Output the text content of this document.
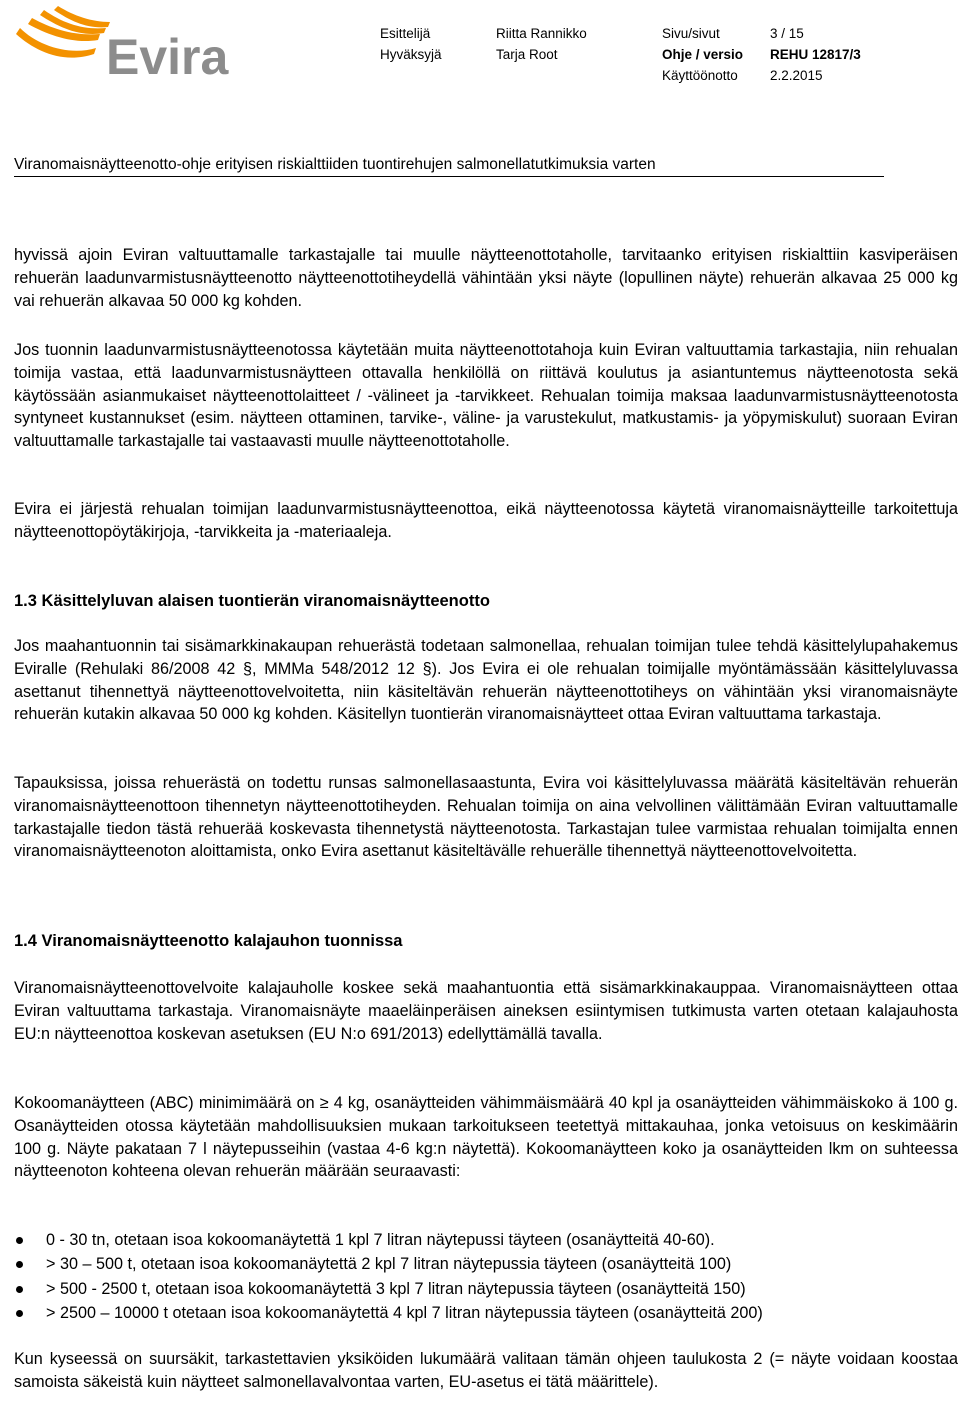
Evira	Esittelijä	Riitta Rannikko	Sivu/sivut	3 / 15
Hyväksyjä	Tarja Root	Ohje / versio REHU 12817/3
Käyttöönotto 2.2.2015
Viranomaisnäytteenotto-ohje erityisen riskialttiiden tuontirehujen salmonellatutkimuksia varten
hyvissä ajoin Eviran valtuuttamalle tarkastajalle tai muulle näytteenottotaholle, tarvitaanko erityisen riskialttiin kasviperäisen rehuerän laadunvarmistusnäytteenotto näytteenottotiheydellä vähintään yksi näyte (lopullinen näyte) rehuerän alkavaa 25 000 kg vai rehuerän alkavaa 50 000 kg kohden.
Jos tuonnin laadunvarmistusnäytteenotossa käytetään muita näytteenottotahoja kuin Eviran valtuuttamia tarkastajia, niin rehualan toimija vastaa, että laadunvarmistusnäytteen ottavalla henkilöllä on riittävä koulutus ja asiantuntemus näytteenotosta sekä käytössään asianmukaiset näytteenottolaitteet / -välineet ja -tarvikkeet. Rehualan toimija maksaa laadunvarmistusnäytteenotosta syntyneet kustannukset (esim. näytteen ottaminen, tarvike-, väline- ja varustekulut, matkustamis- ja yöpymiskulut) suoraan Eviran valtuuttamalle tarkastajalle tai vastaavasti muulle näytteenottotaholle.
Evira ei järjestä rehualan toimijan laadunvarmistusnäytteenottoa, eikä näytteenotossa käytetä viranomaisnäytteille tarkoitettuja näytteenottopöytäkirjoja, -tarvikkeita ja -materiaaleja.
1.3 Käsittelyluvan alaisen tuontierän viranomaisnäytteenotto
Jos maahantuonnin tai sisämarkkinakaupan rehuerästä todetaan salmonellaa, rehualan toimijan tulee tehdä käsittelylupahakemus Eviralle (Rehulaki 86/2008 42 §, MMMa 548/2012 12 §). Jos Evira ei ole rehualan toimijalle myöntämässään käsittelyluvassa asettanut tihennettyä näytteenottovelvoitetta, niin käsiteltävän rehuerän näytteenottotiheys on vähintään yksi viranomaisnäyte rehuerän kutakin alkavaa 50 000 kg kohden. Käsitellyn tuontierän viranomaisnäytteet ottaa Eviran valtuuttama tarkastaja.
Tapauksissa, joissa rehuerästä on todettu runsas salmonellasaastunta, Evira voi käsittelyluvassa määrätä käsiteltävän rehuerän viranomaisnäytteenottoon tihennetyn näytteenottotiheyden. Rehualan toimija on aina velvollinen välittämään Eviran valtuuttamalle tarkastajalle tiedon tästä rehuerää koskevasta tihennetystä näytteenotosta. Tarkastajan tulee varmistaa rehualan toimijalta ennen viranomaisnäytteenoton aloittamista, onko Evira asettanut käsiteltävälle rehuerälle tihennettyä näytteenottovelvoitetta.
1.4 Viranomaisnäytteenotto kalajauhon tuonnissa
Viranomaisnäytteenottovelvoite kalajauholle koskee sekä maahantuontia että sisämarkkinakauppaa. Viranomaisnäytteen ottaa Eviran valtuuttama tarkastaja. Viranomaisnäyte maaeläinperäisen aineksen esiintymisen tutkimusta varten otetaan kalajauhosta EU:n näytteenottoa koskevan asetuksen (EU N:o 691/2013) edellyttämällä tavalla.
Kokoomanäytteen (ABC) minimimäärä on ≥ 4 kg, osanäytteiden vähimmäismäärä 40 kpl ja osanäytteiden vähimmäiskoko ä 100 g. Osanäytteiden otossa käytetään mahdollisuuksien mukaan tarkoitukseen teetettyä mittakauhaa, jonka vetoisuus on keskimäärin 100 g. Näyte pakataan 7 l näytepusseihin (vastaa 4-6 kg:n näytettä). Kokoomanäytteen koko ja osanäytteiden lkm on suhteessa näytteenoton kohteena olevan rehuerän määrään seuraavasti:
0 - 30 tn, otetaan isoa kokoomanäytettä 1 kpl 7 litran näytepussi täyteen (osanäytteitä 40-60).
> 30 – 500 t, otetaan isoa kokoomanäytettä 2 kpl 7 litran näytepussia täyteen (osanäytteitä 100)
> 500 - 2500 t, otetaan isoa kokoomanäytettä 3 kpl 7 litran näytepussia täyteen (osanäytteitä 150)
> 2500 – 10000 t otetaan isoa kokoomanäytettä 4 kpl 7 litran näytepussia täyteen (osanäytteitä 200)
Kun kyseessä on suursäkit, tarkastettavien yksiköiden lukumäärä valitaan tämän ohjeen taulukosta 2 (= näyte voidaan koostaa samoista säkeistä kuin näytteet salmonellavalvontaa varten, EU-asetus ei tätä määrittele).
